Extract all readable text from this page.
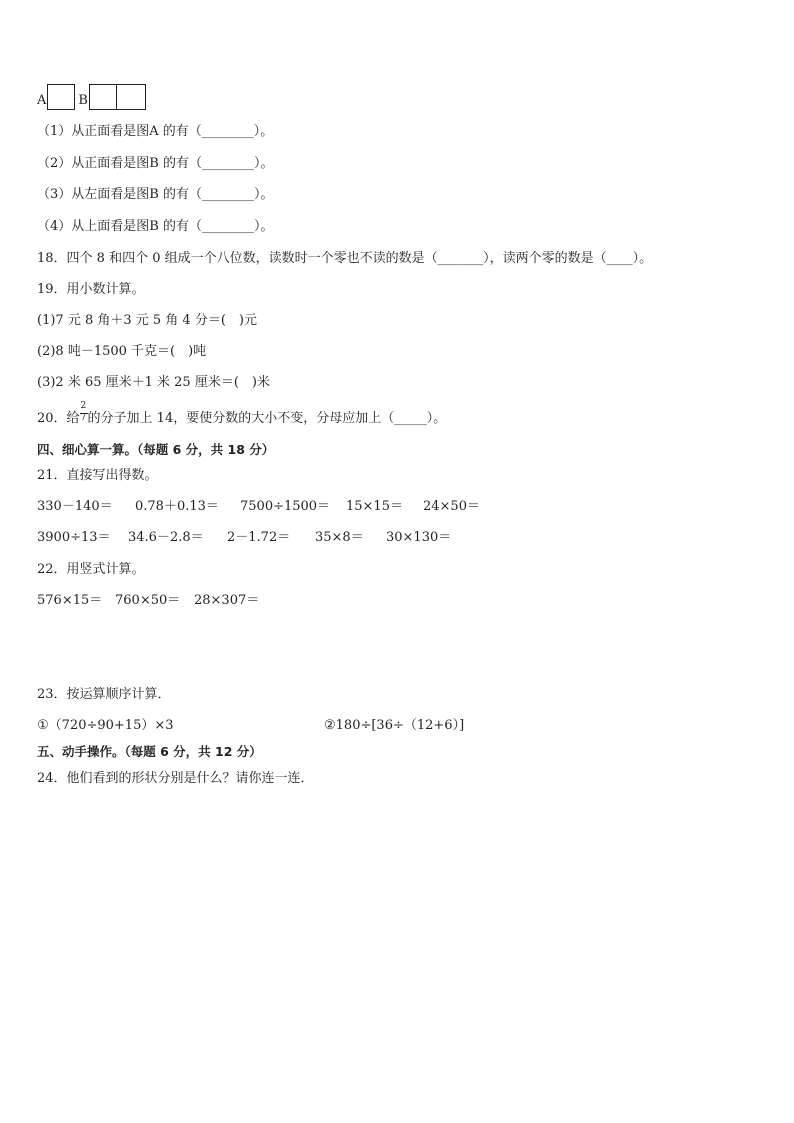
A B
（1）从正面看是图A 的有（________）。
（2）从正面看是图B 的有（________）。
（3）从左面看是图B 的有（________）。
（4）从上面看是图B 的有（________）。
18．四个 8 和四个 0 组成一个八位数，读数时一个零也不读的数是（_______），读两个零的数是（____）。
19．用小数计算。
(1)7 元 8 角＋3 元 5 角 4 分＝(　)元
(2)8 吨－1500 千克＝(　)吨
(3)2 米 65 厘米＋1 米 25 厘米＝(　)米
20．给 $\frac{2}{7}$ 的分子加上 14，要使分数的大小不变，分母应加上（_____）。
四、细心算一算。（每题 6 分，共 18 分）
21．直接写出得数。
330－140＝ 0.78＋0.13＝ 7500÷1500＝ 15×15＝ 24×50＝
3900÷13＝ 34.6－2.8＝ 2－1.72＝ 35×8＝ 30×130＝
22．用竖式计算。
576×15＝ 760×50＝ 28×307＝
23．按运算顺序计算．
①（720÷90+15）×3	②180÷[36÷（12+6）]
五、动手操作。（每题 6 分，共 12 分）
24．他们看到的形状分别是什么？请你连一连．
